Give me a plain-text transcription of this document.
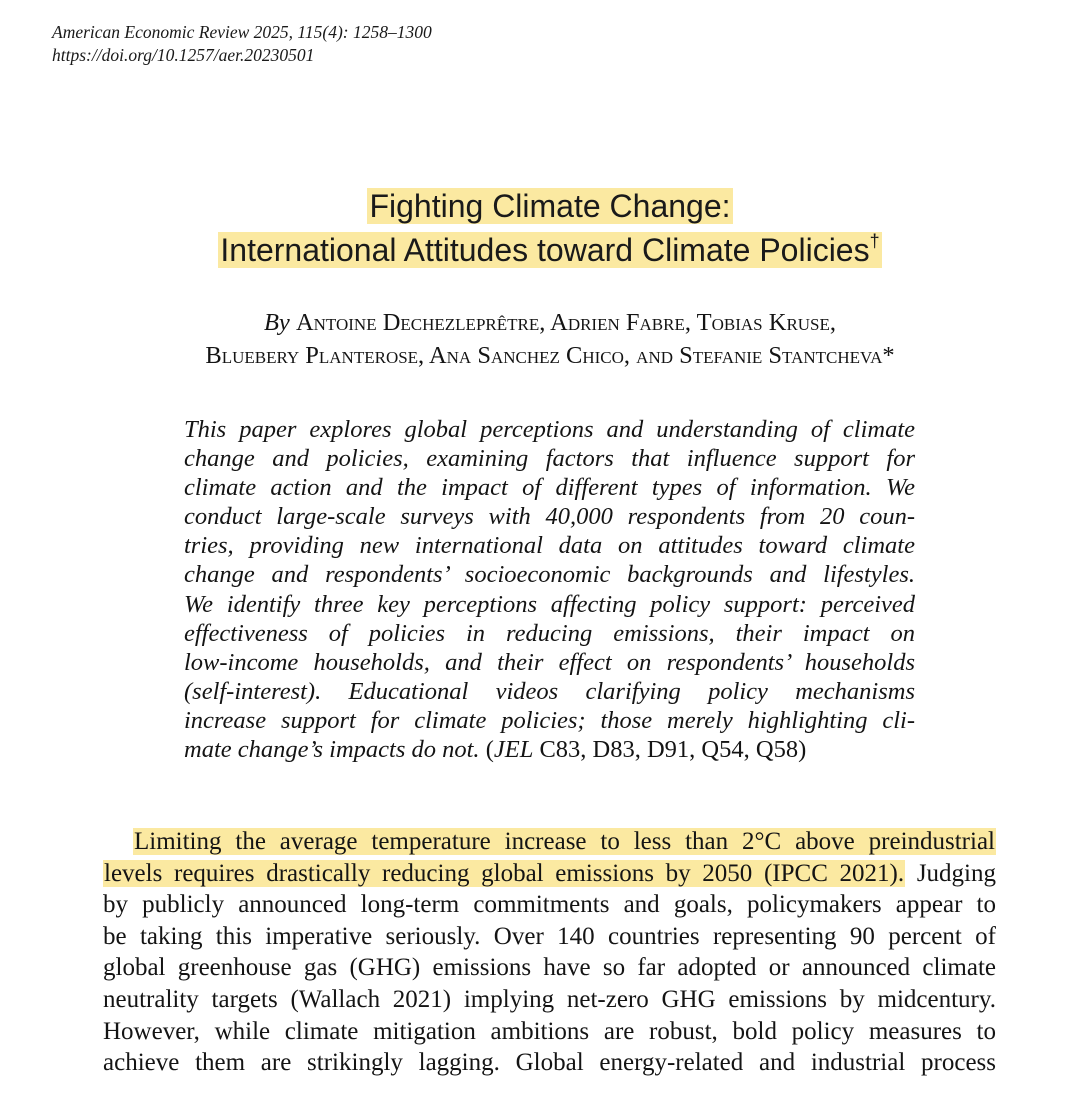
American Economic Review 2025, 115(4): 1258–1300
https://doi.org/10.1257/aer.20230501
Fighting Climate Change:
International Attitudes toward Climate Policies†
By Antoine Dechezleprêtre, Adrien Fabre, Tobias Kruse,
Bluebery Planterose, Ana Sanchez Chico, and Stefanie Stantcheva*
This paper explores global perceptions and understanding of climate
change and policies, examining factors that influence support for
climate action and the impact of different types of information. We
conduct large-scale surveys with 40,000 respondents from 20 coun-
tries, providing new international data on attitudes toward climate
change and respondents’ socioeconomic backgrounds and lifestyles.
We identify three key perceptions affecting policy support: perceived
effectiveness of policies in reducing emissions, their impact on
low-income households, and their effect on respondents’ households
(self-interest). Educational videos clarifying policy mechanisms
increase support for climate policies; those merely highlighting cli-
mate change’s impacts do not. (JEL C83, D83, D91, Q54, Q58)
Limiting the average temperature increase to less than 2°C above preindustrial
levels requires drastically reducing global emissions by 2050 (IPCC 2021). Judging
by publicly announced long-term commitments and goals, policymakers appear to
be taking this imperative seriously. Over 140 countries representing 90 percent of
global greenhouse gas (GHG) emissions have so far adopted or announced climate
neutrality targets (Wallach 2021) implying net-zero GHG emissions by midcentury.
However, while climate mitigation ambitions are robust, bold policy measures to
achieve them are strikingly lagging. Global energy-related and industrial process
